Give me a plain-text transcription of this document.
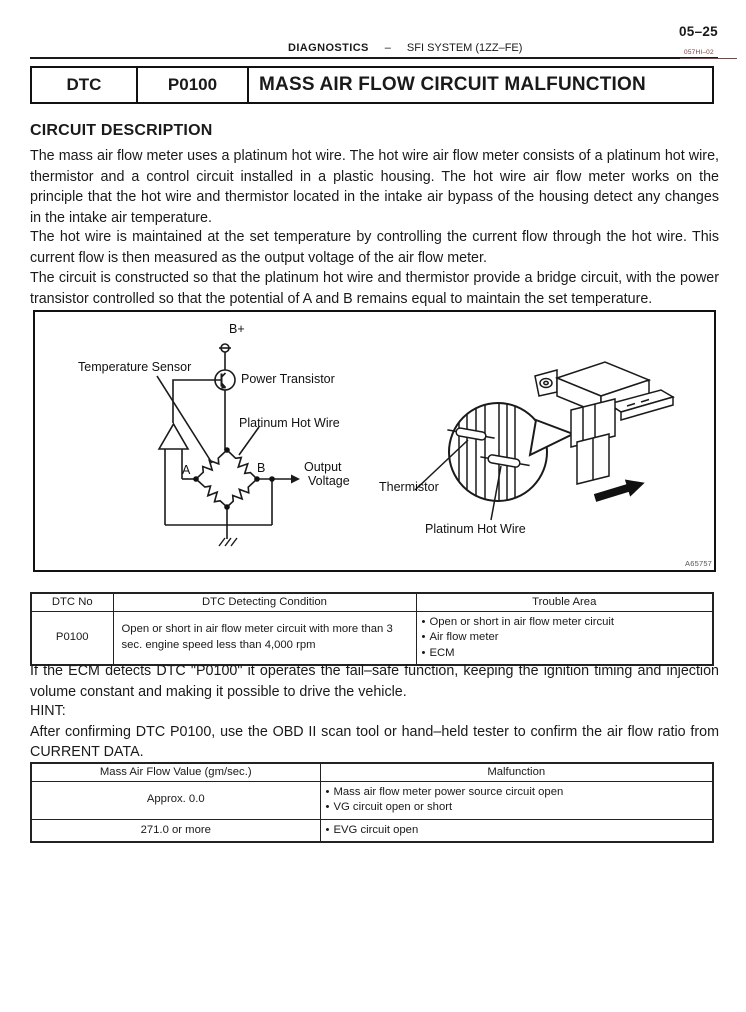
05–25
DIAGNOSTICS – SFI SYSTEM (1ZZ–FE)	057HI–02
DTC	P0100	MASS AIR FLOW CIRCUIT MALFUNCTION
CIRCUIT DESCRIPTION
The mass air flow meter uses a platinum hot wire. The hot wire air flow meter consists of a platinum hot wire, thermistor and a control circuit installed in a plastic housing. The hot wire air flow meter works on the principle that the hot wire and thermistor located in the intake air bypass of the housing detect any changes in the intake air temperature.
The hot wire is maintained at the set temperature by controlling the current flow through the hot wire. This current flow is then measured as the output voltage of the air flow meter.
The circuit is constructed so that the platinum hot wire and thermistor provide a bridge circuit, with the power transistor controlled so that the potential of A and B remains equal to maintain the set temperature.
B+
Temperature Sensor
Power Transistor
Platinum Hot Wire
A	B	Output
Voltage Thermistor
Platinum Hot Wire
A65757
DTC No	DTC Detecting Condition	Trouble Area
P0100	Open or short in air flow meter circuit with more than 3 sec. engine speed less than 4,000 rpm	
• Open or short in air flow meter circuit
• Air flow meter
• ECM
If the ECM detects DTC "P0100" it operates the fail–safe function, keeping the ignition timing and injection volume constant and making it possible to drive the vehicle.
HINT:
After confirming DTC P0100, use the OBD II scan tool or hand–held tester to confirm the air flow ratio from CURRENT DATA.
Mass Air Flow Value (gm/sec.)	Malfunction
Approx. 0.0	• Mass air flow meter power source circuit open
• VG circuit open or short

271.0 or more	• EVG circuit open
